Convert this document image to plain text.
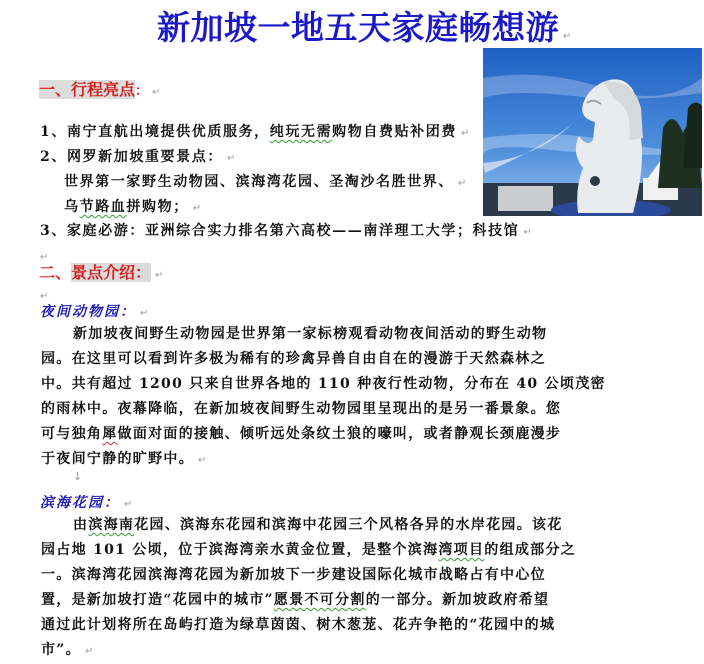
新加坡一地五天家庭畅想游 ↵
一、行程亮点： ↵
1、南宁直航出境提供优质服务，纯玩无需购物自费贴补团费 ↵
2、网罗新加坡重要景点： ↵
世界第一家野生动物园、滨海湾花园、圣淘沙名胜世界、 ↵
乌节路血拼购物； ↵
3、家庭必游：亚洲综合实力排名第六高校——南洋理工大学；科技馆 ↵
↵
二、景点介绍： ↵
↵
夜间动物园： ↵
新加坡夜间野生动物园是世界第一家标榜观看动物夜间活动的野生动物
园。在这里可以看到许多极为稀有的珍禽异兽自由自在的漫游于天然森林之
中。共有超过 1200 只来自世界各地的 110 种夜行性动物，分布在 40 公顷茂密
的雨林中。夜幕降临，在新加坡夜间野生动物园里呈现出的是另一番景象。您
可与独角犀做面对面的接触、倾听远处条纹土狼的嚎叫，或者静观长颈鹿漫步
于夜间宁静的旷野中。 ↵
↓
滨海花园： ↵
由滨海南花园、滨海东花园和滨海中花园三个风格各异的水岸花园。该花
园占地 101 公顷，位于滨海湾亲水黄金位置，是整个滨海湾项目的组成部分之
一。滨海湾花园滨海湾花园为新加坡下一步建设国际化城市战略占有中心位
置，是新加坡打造“花园中的城市”愿景不可分割的一部分。新加坡政府希望
通过此计划将所在岛屿打造为绿草茵茵、树木葱茏、花卉争艳的“花园中的城
市”。 ↵
